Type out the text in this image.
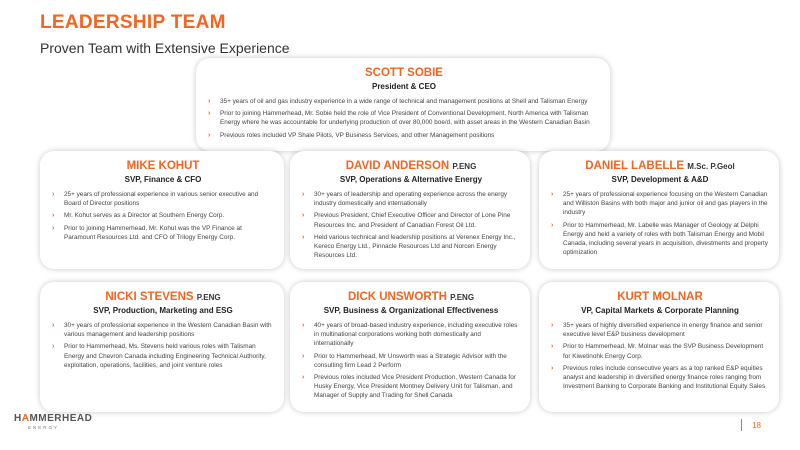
LEADERSHIP TEAM
Proven Team with Extensive Experience
SCOTT SOBIE
President & CEO
› 35+ years of oil and gas industry experience in a wide range of technical and management positions at Shell and Talisman Energy
› Prior to joining Hammerhead, Mr. Sobie held the role of Vice President of Conventional Development, North America with Talisman Energy where he was accountable for underlying production of over 80,000 boe/d, with asset areas in the Western Canadian Basin
› Previous roles included VP Shale Pilots, VP Business Services, and other Management positions
MIKE KOHUT
SVP, Finance & CFO
› 25+ years of professional experience in various senior executive and Board of Director positions
› Mr. Kohut serves as a Director at Southern Energy Corp.
› Prior to joining Hammerhead, Mr. Kohut was the VP Finance at Paramount Resources Ltd. and CFO of Trilogy Energy Corp.
DAVID ANDERSON P.ENG
SVP, Operations & Alternative Energy
› 30+ years of leadership and operating experience across the energy industry domestically and internationally
› Previous President, Chief Executive Officer and Director of Lone Pine Resources Inc. and President of Canadian Forest Oil Ltd.
› Held various technical and leadership positions at Verenex Energy Inc., Kereco Energy Ltd., Pinnacle Resources Ltd and Norcen Energy Resources Ltd.
DANIEL LABELLE M.Sc. P.Geol
SVP, Development & A&D
› 25+ years of professional experience focusing on the Western Canadian and Williston Basins with both major and junior oil and gas players in the industry
› Prior to Hammerhead, Mr. Labelle was Manager of Geology at Delphi Energy and held a variety of roles with both Talisman Energy and Mobil Canada, including several years in acquisition, divestments and property optimization
NICKI STEVENS P.ENG
SVP, Production, Marketing and ESG
› 30+ years of professional experience in the Western Canadian Basin with various management and leadership positions
› Prior to Hammerhead, Ms. Stevens held various roles with Talisman Energy and Chevron Canada including Engineering Technical Authority, exploitation, operations, facilities, and joint venture roles
DICK UNSWORTH P.ENG
SVP, Business & Organizational Effectiveness
› 40+ years of broad-based industry experience, including executive roles in multinational corporations working both domestically and internationally
› Prior to Hammerhead, Mr Unsworth was a Strategic Advisor with the consulting firm Lead 2 Perform
› Previous roles included Vice President Production, Western Canada for Husky Energy, Vice President Montney Delivery Unit for Talisman, and Manager of Supply and Trading for Shell Canada
KURT MOLNAR
VP, Capital Markets & Corporate Planning
› 35+ years of highly diversified experience in energy finance and senior executive level E&P business development
› Prior to Hammerhead, Mr. Molnar was the SVP Business Development for Kiwetinohk Energy Corp.
› Previous roles include consecutive years as a top ranked E&P equities analyst and leadership in diversified energy finance roles ranging from Investment Banking to Corporate Banking and Institutional Equity Sales
HAMMERHEAD
ENERGY	18
